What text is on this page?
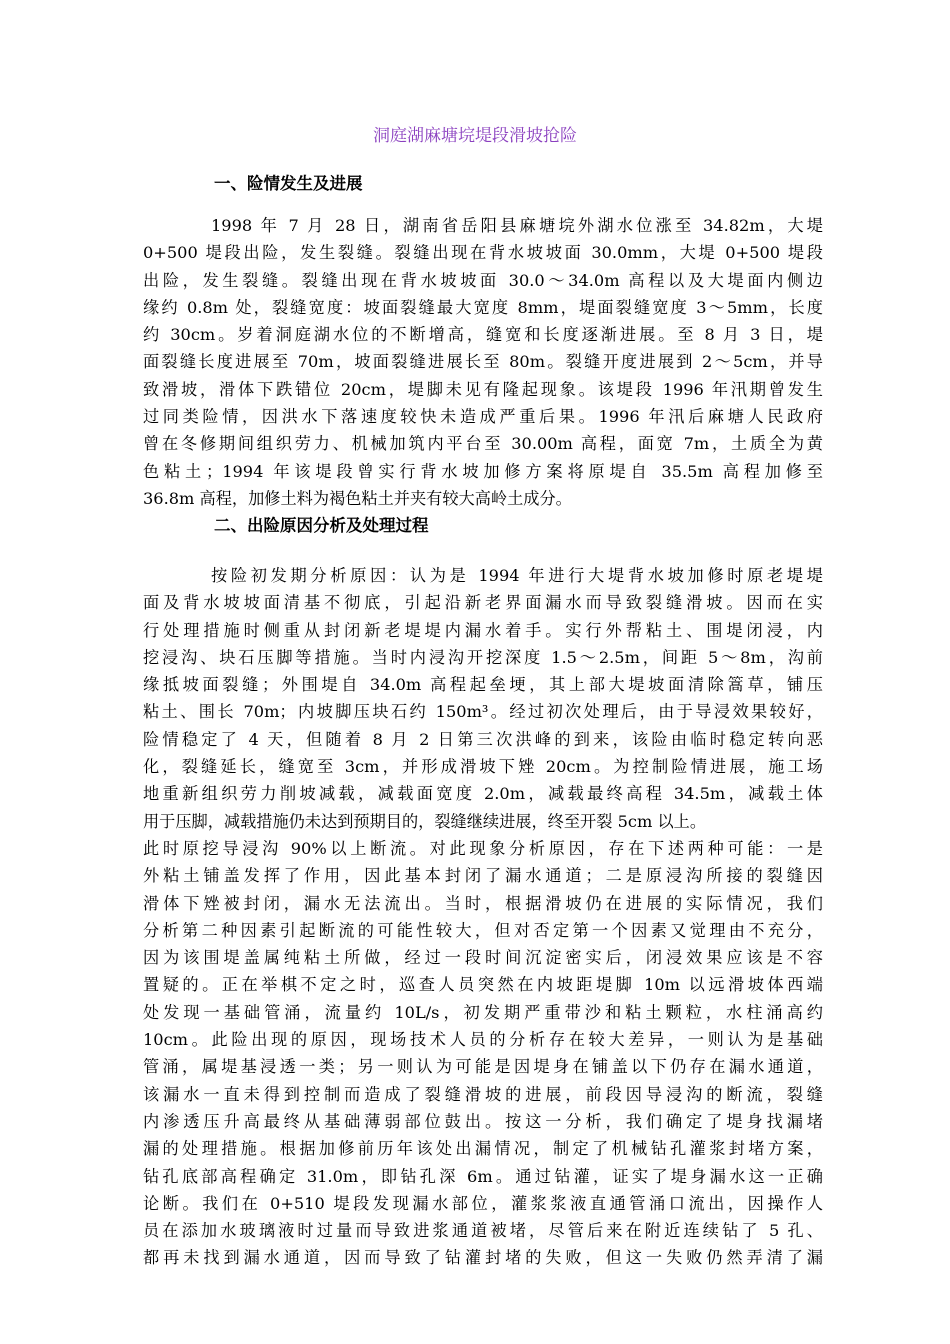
洞庭湖麻塘垸堤段滑坡抢险
一、险情发生及进展
1998 年 7 月 28 日，湖南省岳阳县麻塘垸外湖水位涨至 34.82m，大堤
0+500 堤段出险，发生裂缝。裂缝出现在背水坡坡面 30.0mm，大堤 0+500 堤段
出险，发生裂缝。裂缝出现在背水坡坡面 30.0～34.0m 高程以及大堤面内侧边
缘约 0.8m 处，裂缝宽度：坡面裂缝最大宽度 8mm，堤面裂缝宽度 3～5mm，长度
约 30cm。岁着洞庭湖水位的不断增高，缝宽和长度逐渐进展。至 8 月 3 日，堤
面裂缝长度进展至 70m，坡面裂缝进展长至 80m。裂缝开度进展到 2～5cm，并导
致滑坡，滑体下跌错位 20cm，堤脚未见有隆起现象。该堤段 1996 年汛期曾发生
过同类险情，因洪水下落速度较快未造成严重后果。1996 年汛后麻塘人民政府
曾在冬修期间组织劳力、机械加筑内平台至 30.00m 高程，面宽 7m，土质全为黄
色粘土；1994 年该堤段曾实行背水坡加修方案将原堤自 35.5m 高程加修至
36.8m 高程，加修土料为褐色粘土并夹有较大高岭土成分。
二、出险原因分析及处理过程
按险初发期分析原因：认为是 1994 年进行大堤背水坡加修时原老堤堤
面及背水坡坡面清基不彻底，引起沿新老界面漏水而导致裂缝滑坡。因而在实
行处理措施时侧重从封闭新老堤堤内漏水着手。实行外帮粘土、围堤闭浸，内
挖浸沟、块石压脚等措施。当时内浸沟开挖深度 1.5～2.5m，间距 5～8m，沟前
缘抵坡面裂缝；外围堤自 34.0m 高程起垒埂，其上部大堤坡面清除篙草，铺压
粘土、围长 70m；内坡脚压块石约 150m³。经过初次处理后，由于导浸效果较好，
险情稳定了 4 天，但随着 8 月 2 日第三次洪峰的到来，该险由临时稳定转向恶
化，裂缝延长，缝宽至 3cm，并形成滑坡下矬 20cm。为控制险情进展，施工场
地重新组织劳力削坡减载，减载面宽度 2.0m，减载最终高程 34.5m，减载土体
用于压脚，减载措施仍未达到预期目的，裂缝继续进展，终至开裂 5cm 以上。
此时原挖导浸沟 90%以上断流。对此现象分析原因，存在下述两种可能：一是
外粘土铺盖发挥了作用，因此基本封闭了漏水通道；二是原浸沟所接的裂缝因
滑体下矬被封闭，漏水无法流出。当时，根据滑坡仍在进展的实际情况，我们
分析第二种因素引起断流的可能性较大，但对否定第一个因素又觉理由不充分，
因为该围堤盖属纯粘土所做，经过一段时间沉淀密实后，闭浸效果应该是不容
置疑的。正在举棋不定之时，巡查人员突然在内坡距堤脚 10m 以远滑坡体西端
处发现一基础管涌，流量约 10L/s，初发期严重带沙和粘土颗粒，水柱涌高约
10cm。此险出现的原因，现场技术人员的分析存在较大差异，一则认为是基础
管涌，属堤基浸透一类；另一则认为可能是因堤身在铺盖以下仍存在漏水通道，
该漏水一直未得到控制而造成了裂缝滑坡的进展，前段因导浸沟的断流，裂缝
内渗透压升高最终从基础薄弱部位鼓出。按这一分析，我们确定了堤身找漏堵
漏的处理措施。根据加修前历年该处出漏情况，制定了机械钻孔灌浆封堵方案，
钻孔底部高程确定 31.0m，即钻孔深 6m。通过钻灌，证实了堤身漏水这一正确
论断。我们在 0+510 堤段发现漏水部位，灌浆浆液直通管涌口流出，因操作人
员在添加水玻璃液时过量而导致进浆通道被堵，尽管后来在附近连续钻了 5 孔、
都再未找到漏水通道，因而导致了钻灌封堵的失败，但这一失败仍然弄清了漏
